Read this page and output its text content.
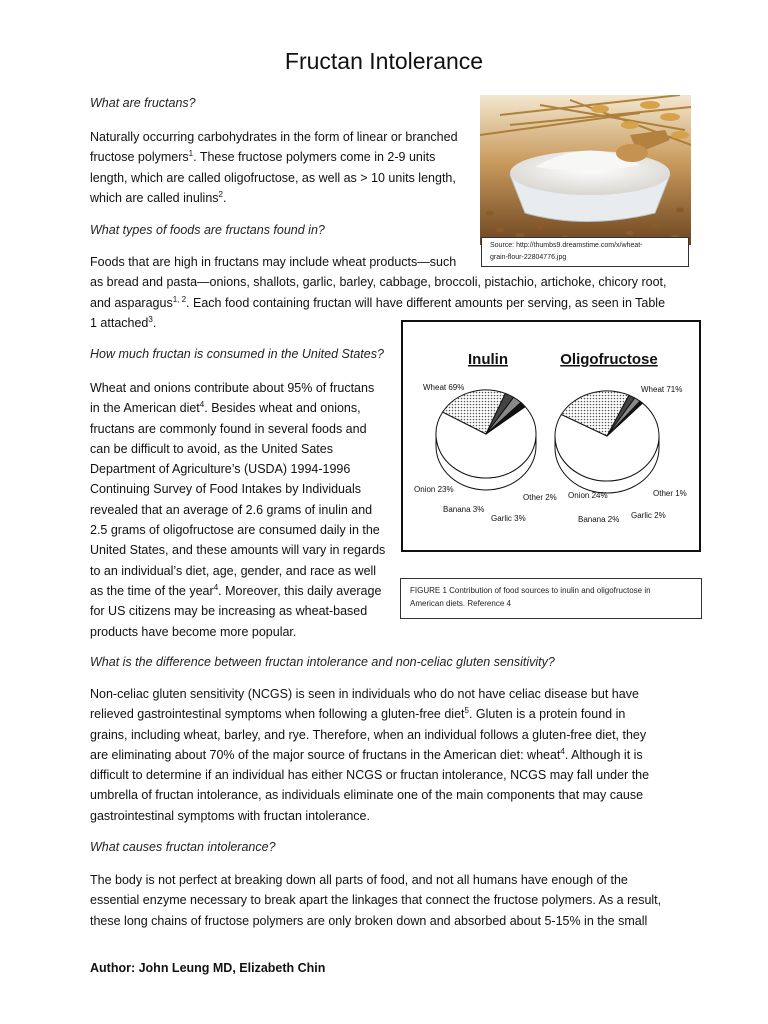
Fructan Intolerance

What are fructans?

Naturally occurring carbohydrates in the form of linear or branched
fructose polymers$^1$. These fructose polymers come in 2-9 units
length, which are called oligofructose, as well as > 10 units length,
which are called inulins$^2$.
Source: http://thumbs9.dreamstime.com/x/wheat-
grain-flour-22804776.jpg

What types of foods are fructans found in?

Foods that are high in fructans may include wheat products—such
as bread and pasta—onions, shallots, garlic, barley, cabbage, broccoli, pistachio, artichoke, chicory root,
and asparagus$^{1, 2}$. Each food containing fructan will have different amounts per serving, as seen in Table
1 attached$^3$.

How much fructan is consumed in the United States?

Wheat and onions contribute about 95% of fructans
in the American diet$^4$. Besides wheat and onions,
fructans are commonly found in several foods and
can be difficult to avoid, as the United Sates
Department of Agriculture’s (USDA) 1994-1996
Continuing Survey of Food Intakes by Individuals
revealed that an average of 2.6 grams of inulin and
2.5 grams of oligofructose are consumed daily in the
United States, and these amounts will vary in regards
to an individual’s diet, age, gender, and race as well
as the time of the year$^4$. Moreover, this daily average
for US citizens may be increasing as wheat-based
products have become more popular.
Inulin
Wheat 69%
Onion 23%
Banana 3%
Garlic 3%
Other 2%
Oligofructose
Wheat 71%
Onion 24%
Banana 2% Garlic 2%
Other 1%
FIGURE 1 Contribution of food sources to inulin and oligofructose in
American diets. Reference 4

What is the difference between fructan intolerance and non-celiac gluten sensitivity?

Non-celiac gluten sensitivity (NCGS) is seen in individuals who do not have celiac disease but have
relieved gastrointestinal symptoms when following a gluten-free diet$^5$. Gluten is a protein found in
grains, including wheat, barley, and rye. Therefore, when an individual follows a gluten-free diet, they
are eliminating about 70% of the major source of fructans in the American diet: wheat$^4$. Although it is
difficult to determine if an individual has either NCGS or fructan intolerance, NCGS may fall under the
umbrella of fructan intolerance, as individuals eliminate one of the main components that may cause
gastrointestinal symptoms with fructan intolerance.

What causes fructan intolerance?

The body is not perfect at breaking down all parts of food, and not all humans have enough of the
essential enzyme necessary to break apart the linkages that connect the fructose polymers. As a result,
these long chains of fructose polymers are only broken down and absorbed about 5-15% in the small

Author: John Leung MD, Elizabeth Chin
